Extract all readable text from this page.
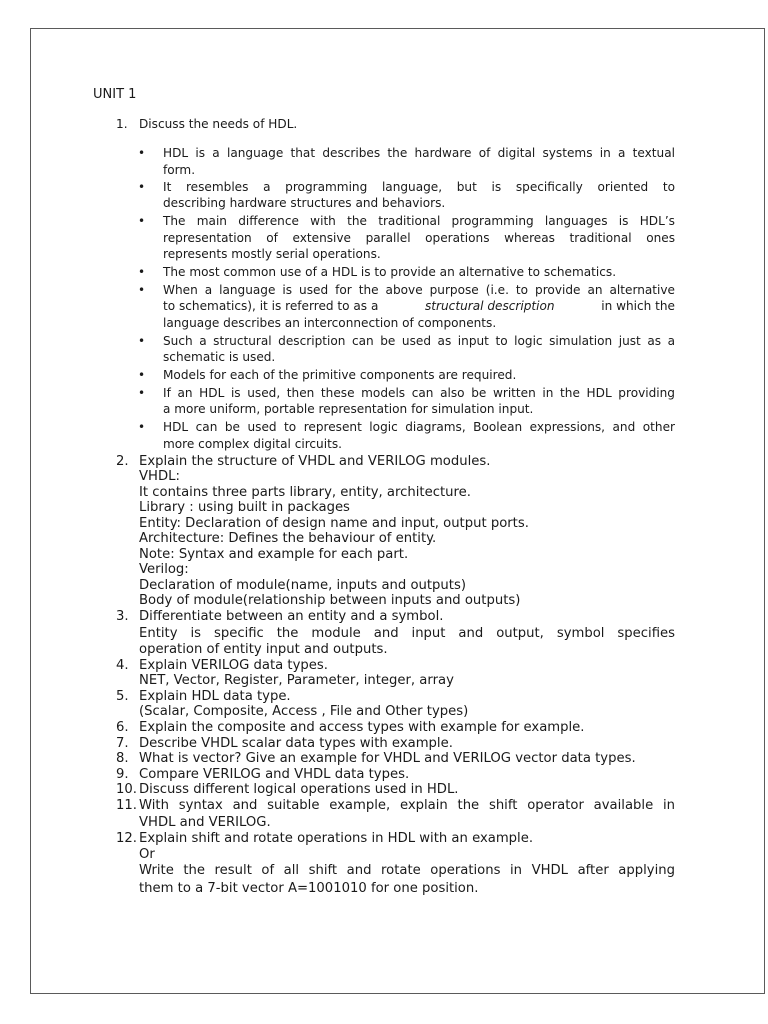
UNIT 1
1. Discuss the needs of HDL.
• HDL is a language that describes the hardware of digital systems in a textual
form.
• It resembles a programming language, but is specifically oriented to
describing hardware structures and behaviors.
• The main difference with the traditional programming languages is HDL’s
representation of extensive parallel operations whereas traditional ones
represents mostly serial operations.
• The most common use of a HDL is to provide an alternative to schematics.
• When a language is used for the above purpose (i.e. to provide an alternative
to schematics), it is referred to as a	structural description	in which the
language describes an interconnection of components.
• Such a structural description can be used as input to logic simulation just as a
schematic is used.
• Models for each of the primitive components are required.
• If an HDL is used, then these models can also be written in the HDL providing
a more uniform, portable representation for simulation input.
• HDL can be used to represent logic diagrams, Boolean expressions, and other
more complex digital circuits.
2. Explain the structure of VHDL and VERILOG modules.
VHDL:
It contains three parts library, entity, architecture.
Library : using built in packages
Entity: Declaration of design name and input, output ports.
Architecture: Defines the behaviour of entity.
Note: Syntax and example for each part.
Verilog:
Declaration of module(name, inputs and outputs)
Body of module(relationship between inputs and outputs)
3. Differentiate between an entity and a symbol.
Entity is specific the module and input and output, symbol specifies
operation of entity input and outputs.
4. Explain VERILOG data types.
NET, Vector, Register, Parameter, integer, array
5. Explain HDL data type.
(Scalar, Composite, Access , File and Other types)
6. Explain the composite and access types with example for example.
7. Describe VHDL scalar data types with example.
8. What is vector? Give an example for VHDL and VERILOG vector data types.
9. Compare VERILOG and VHDL data types.
10. Discuss different logical operations used in HDL.
11. With syntax and suitable example, explain the shift operator available in
VHDL and VERILOG.
12. Explain shift and rotate operations in HDL with an example.
Or
Write the result of all shift and rotate operations in VHDL after applying
them to a 7-bit vector A=1001010 for one position.
